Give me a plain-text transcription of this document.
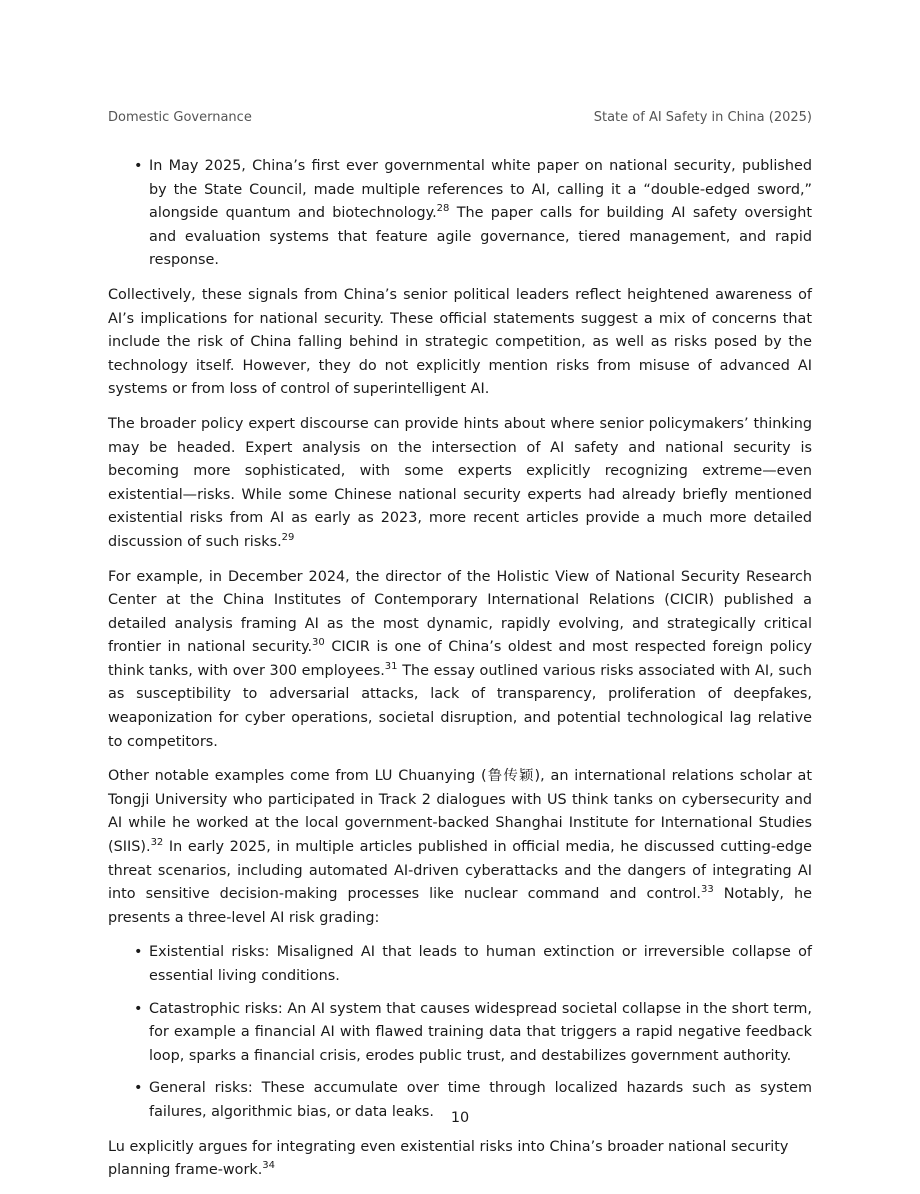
Domestic Governance	State of AI Safety in China (2025)
• In May 2025, China’s first ever governmental white paper on national security, published by the State Council, made multiple references to AI, calling it a “double-edged sword,” alongside quantum and biotechnology.$^{28}$ The paper calls for building AI safety oversight and evaluation systems that feature agile governance, tiered management, and rapid response.

Collectively, these signals from China’s senior political leaders reflect heightened awareness of AI’s implications for national security. These official statements suggest a mix of concerns that include the risk of China falling behind in strategic competition, as well as risks posed by the technology itself. However, they do not explicitly mention risks from misuse of advanced AI systems or from loss of control of superintelligent AI.

The broader policy expert discourse can provide hints about where senior policymakers’ thinking may be headed. Expert analysis on the intersection of AI safety and national security is becoming more sophisticated, with some experts explicitly recognizing extreme—even existential—risks. While some Chinese national security experts had already briefly mentioned existential risks from AI as early as 2023, more recent articles provide a much more detailed discussion of such risks.$^{29}$

For example, in December 2024, the director of the Holistic View of National Security Research Center at the China Institutes of Contemporary International Relations (CICIR) published a detailed analysis framing AI as the most dynamic, rapidly evolving, and strategically critical frontier in national security.$^{30}$ CICIR is one of China’s oldest and most respected foreign policy think tanks, with over 300 employees.$^{31}$ The essay outlined various risks associated with AI, such as susceptibility to adversarial attacks, lack of transparency, proliferation of deepfakes, weaponization for cyber operations, societal disruption, and potential technological lag relative to competitors.

Other notable examples come from LU Chuanying (鲁传颖), an international relations scholar at Tongji University who participated in Track 2 dialogues with US think tanks on cybersecurity and AI while he worked at the local government-backed Shanghai Institute for International Studies (SIIS).$^{32}$ In early 2025, in multiple articles published in official media, he discussed cutting-edge threat scenarios, including automated AI-driven cyberattacks and the dangers of integrating AI into sensitive decision-making processes like nuclear command and control.$^{33}$ Notably, he presents a three-level AI risk grading:

• Existential risks: Misaligned AI that leads to human extinction or irreversible collapse of essential living conditions.
• Catastrophic risks: An AI system that causes widespread societal collapse in the short term, for example a financial AI with flawed training data that triggers a rapid negative feedback loop, sparks a financial crisis, erodes public trust, and destabilizes government authority.
• General risks: These accumulate over time through localized hazards such as system failures, algorithmic bias, or data leaks.

Lu explicitly argues for integrating even existential risks into China’s broader national security planning frame-work.$^{34}$

10
